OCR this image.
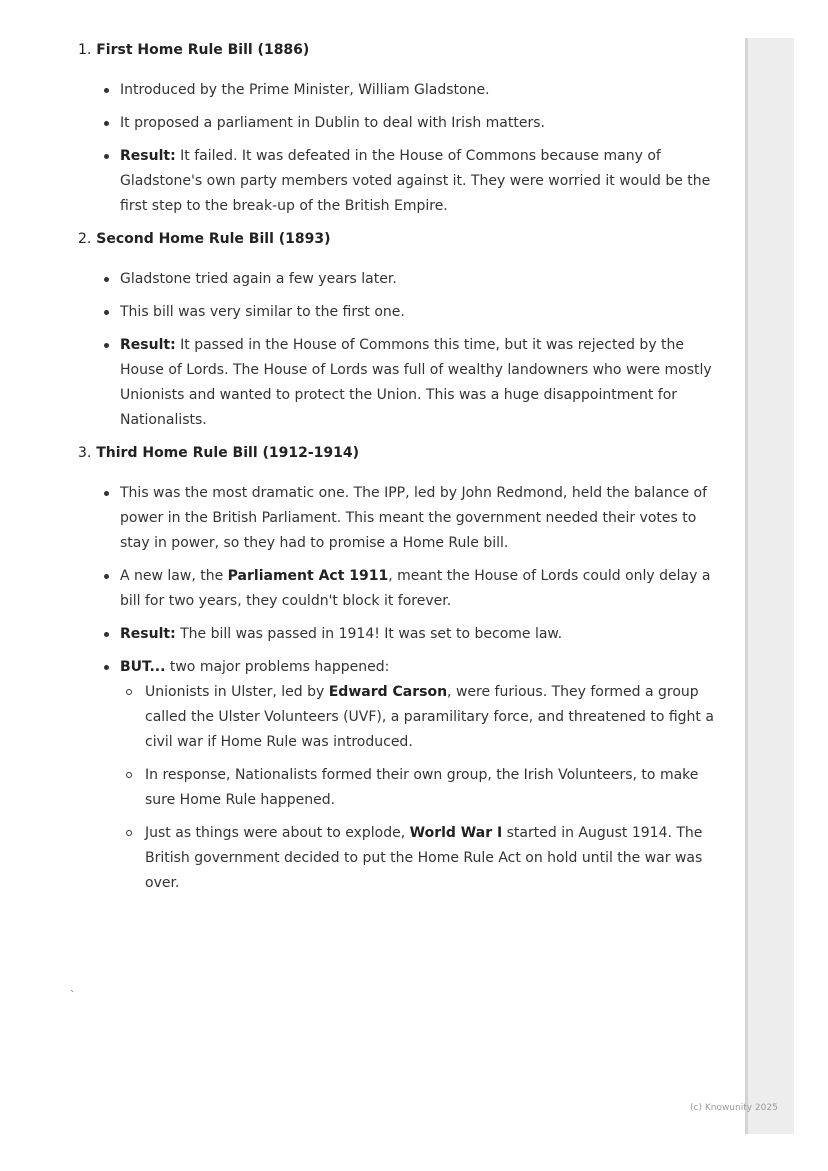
1. First Home Rule Bill (1886)
Introduced by the Prime Minister, William Gladstone.
It proposed a parliament in Dublin to deal with Irish matters.
Result: It failed. It was defeated in the House of Commons because many of Gladstone's own party members voted against it. They were worried it would be the first step to the break-up of the British Empire.
2. Second Home Rule Bill (1893)
Gladstone tried again a few years later.
This bill was very similar to the first one.
Result: It passed in the House of Commons this time, but it was rejected by the House of Lords. The House of Lords was full of wealthy landowners who were mostly Unionists and wanted to protect the Union. This was a huge disappointment for Nationalists.
3. Third Home Rule Bill (1912-1914)
This was the most dramatic one. The IPP, led by John Redmond, held the balance of power in the British Parliament. This meant the government needed their votes to stay in power, so they had to promise a Home Rule bill.
A new law, the Parliament Act 1911, meant the House of Lords could only delay a bill for two years, they couldn't block it forever.
Result: The bill was passed in 1914! It was set to become law.
BUT... two major problems happened:
Unionists in Ulster, led by Edward Carson, were furious. They formed a group called the Ulster Volunteers (UVF), a paramilitary force, and threatened to fight a civil war if Home Rule was introduced.
In response, Nationalists formed their own group, the Irish Volunteers, to make sure Home Rule happened.
Just as things were about to explode, World War I started in August 1914. The British government decided to put the Home Rule Act on hold until the war was over.
`
(c) Knowunity 2025
